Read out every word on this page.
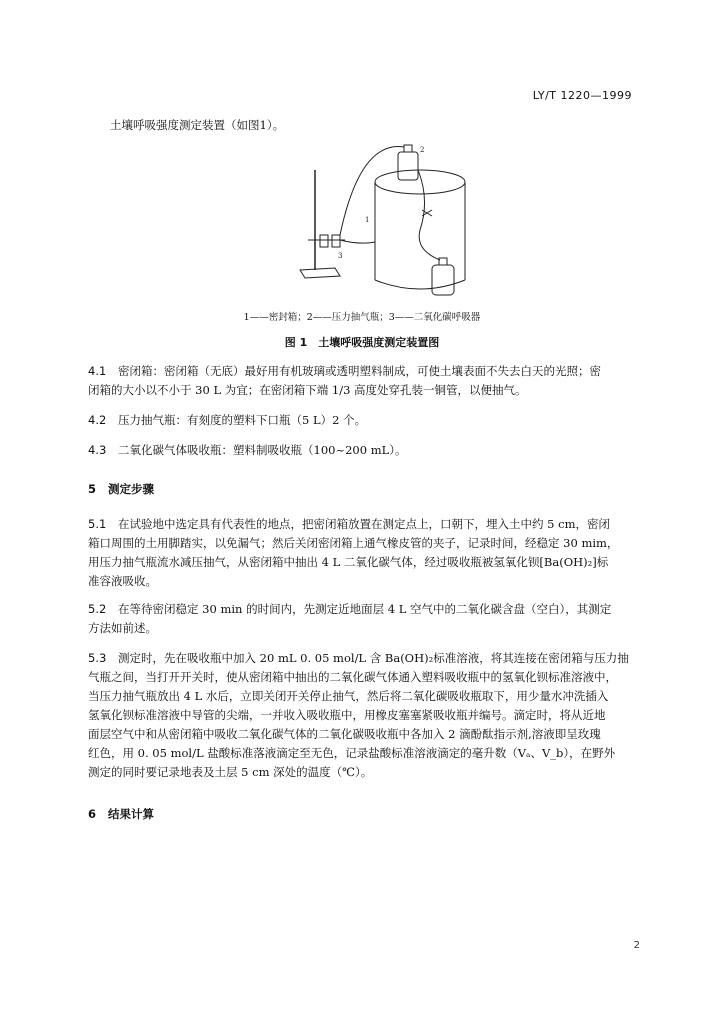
LY/T 1220—1999
土壤呼吸强度测定装置（如图1）。
2
1
3
1——密封箱；2——压力抽气瓶；3——二氧化碳呼吸器
图 1　土壤呼吸强度测定装置图
4.1 密闭箱：密闭箱（无底）最好用有机玻璃或透明塑料制成，可使土壤表面不失去白天的光照；密
闭箱的大小以不小于 30 L 为宜；在密闭箱下端 1/3 高度处穿孔装一铜管，以便抽气。
4.2 压力抽气瓶：有刻度的塑料下口瓶（5 L）2 个。
4.3 二氧化碳气体吸收瓶：塑料制吸收瓶（100~200 mL）。
5 测定步骤
5.1 在试验地中选定具有代表性的地点，把密闭箱放置在测定点上，口朝下，埋入土中约 5 cm，密闭
箱口周围的土用脚踏实，以免漏气；然后关闭密闭箱上通气橡皮管的夹子，记录时间，经稳定 30 mim，
用压力抽气瓶流水减压抽气，从密闭箱中抽出 4 L 二氧化碳气体，经过吸收瓶被氢氧化钡[Ba(OH)₂]标
准容液吸收。
5.2 在等待密闭稳定 30 min 的时间内，先测定近地面层 4 L 空气中的二氧化碳含盘（空白），其测定
方法如前述。
5.3 测定时，先在吸收瓶中加入 20 mL 0. 05 mol/L 含 Ba(OH)₂标准溶液，将其连接在密闭箱与压力抽
气瓶之间，当打开开关时，使从密闭箱中抽出的二氧化碳气体通入塑料吸收瓶中的氢氧化钡标准溶液中，
当压力抽气瓶放出 4 L 水后，立即关闭开关停止抽气，然后将二氧化碳吸收瓶取下，用少量水冲洗插入
氢氧化钡标准溶液中导管的尖端，一并收入吸收瓶中，用橡皮塞塞紧吸收瓶并编号。滴定时，将从近地
面层空气中和从密闭箱中吸收二氧化碳气体的二氧化碳吸收瓶中各加入 2 滴酚酞指示剂,溶液即呈玫瑰
红色，用 0. 05 mol/L 盐酸标准落液滴定至无色，记录盐酸标准溶液滴定的毫升数（Vₐ、V_b），在野外
测定的同时要记录地表及土层 5 cm 深处的温度（℃）。
6 结果计算
2
